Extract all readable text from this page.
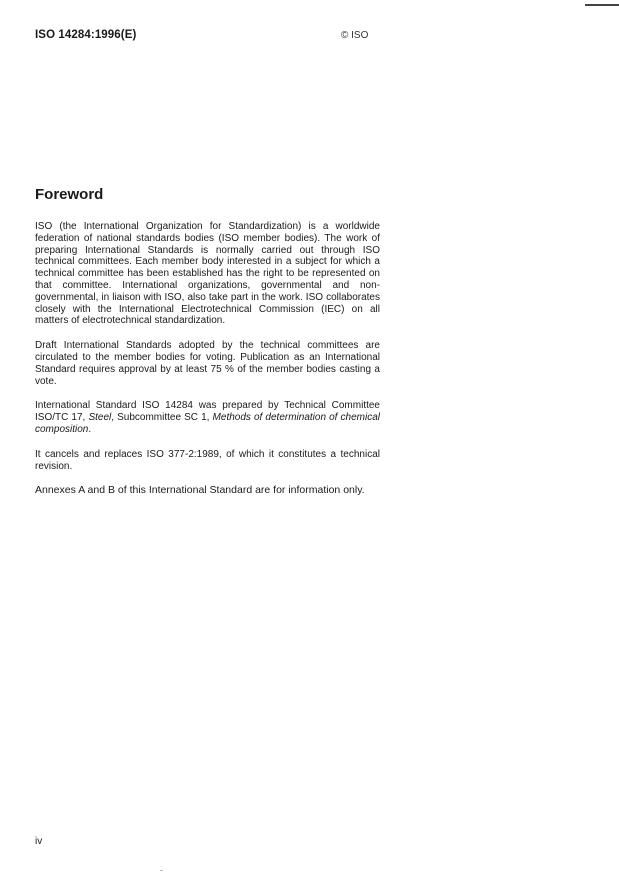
ISO 14284:1996(E)	© ISO
Foreword

ISO (the International Organization for Standardization) is a worldwide federation of national standards bodies (ISO member bodies). The work of preparing International Standards is normally carried out through ISO technical committees. Each member body interested in a subject for which a technical committee has been established has the right to be represented on that committee. International organizations, governmental and non-governmental, in liaison with ISO, also take part in the work. ISO collaborates closely with the International Electrotechnical Commission (IEC) on all matters of electrotechnical standardization.

Draft International Standards adopted by the technical committees are circulated to the member bodies for voting. Publication as an International Standard requires approval by at least 75 % of the member bodies casting a vote.

International Standard ISO 14284 was prepared by Technical Committee ISO/TC 17, Steel, Subcommittee SC 1, Methods of determination of chemical composition.

It cancels and replaces ISO 377-2:1989, of which it constitutes a technical revision.

Annexes A and B of this International Standard are for information only.

iv
